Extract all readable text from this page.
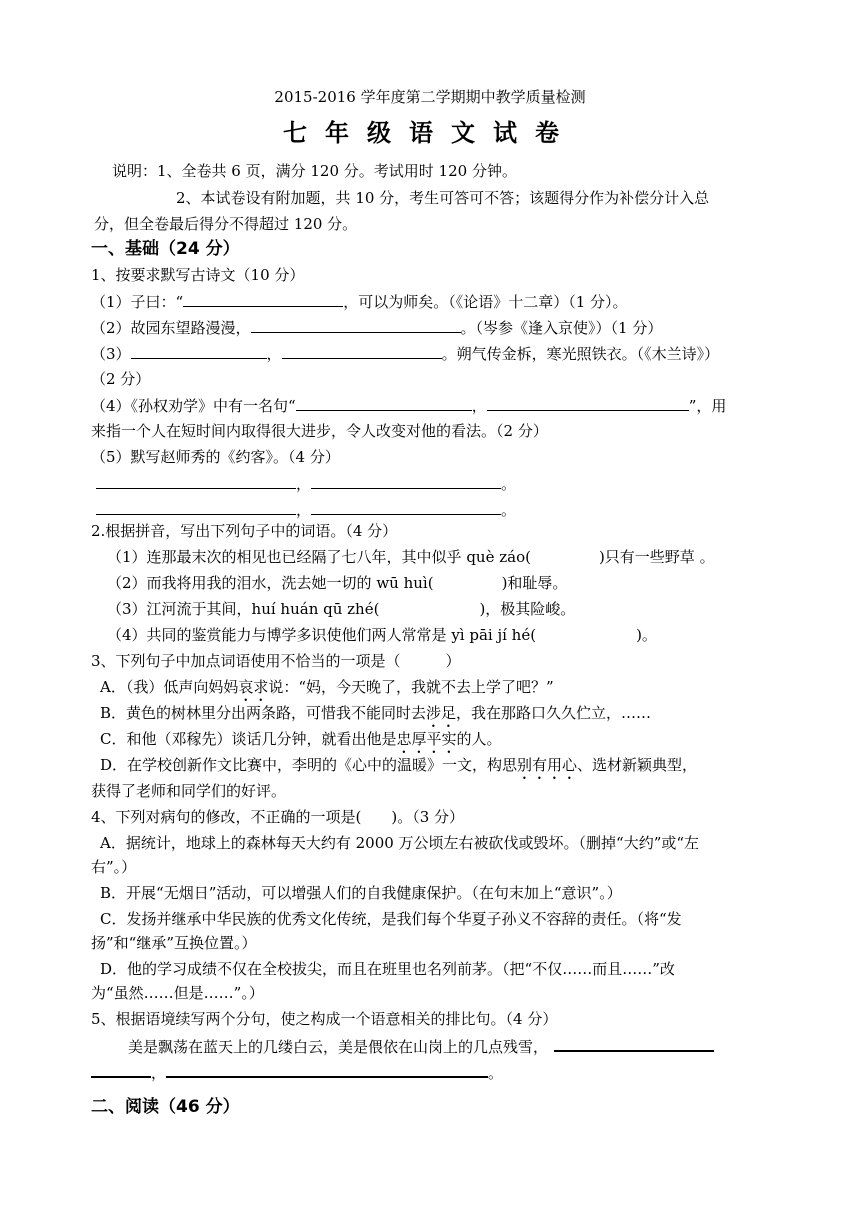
2015-2016 学年度第二学期期中教学质量检测
七年级语文试卷
说明：1、全卷共 6 页，满分 120 分。考试用时 120 分钟。
2、本试卷设有附加题，共 10 分，考生可答可不答；该题得分作为补偿分计入总
分，但全卷最后得分不得超过 120 分。
一、基础（24 分）
1、按要求默写古诗文（10 分）
（1）子曰：“	，可以为师矣。（《论语》十二章）（1 分）。
（2）故园东望路漫漫，	。（岑参《逢入京使》）（1 分）
（3）	，	。朔气传金柝，寒光照铁衣。（《木兰诗》）
（2 分）
（4）《孙权劝学》中有一名句“	，	”，用
来指一个人在短时间内取得很大进步，令人改变对他的看法。（2 分）
（5）默写赵师秀的《约客》。（4 分）
，	。
，	。
2.根据拼音，写出下列句子中的词语。（4 分）
（1）连那最末次的相见也已经隔了七八年，其中似乎 què záo(	)只有一些野草 。
（2）而我将用我的泪水，洗去她一切的 wū huì(	)和耻辱。
（3）江河流于其间，huí huán qū zhé(	)，极其险峻。
（4）共同的鉴赏能力与博学多识使他们两人常常是 yì pāi jí hé(	)。
3、下列句子中加点词语使用不恰当的一项是（　　　）
A．（我）低声向妈妈哀求说：“妈，今天晚了，我就不去上学了吧？”
B．黄色的树林里分出两条路，可惜我不能同时去涉足，我在那路口久久伫立，……
C．和他（邓稼先）谈话几分钟，就看出他是忠厚平实的人。
D．在学校创新作文比赛中，李明的《心中的温暖》一文，构思别有用心、选材新颖典型，
获得了老师和同学们的好评。
4、下列对病句的修改，不正确的一项是(　　)。（3 分）
A．据统计，地球上的森林每天大约有 2000 万公顷左右被砍伐或毁坏。（删掉“大约”或“左
右”。）
B．开展“无烟日”活动，可以增强人们的自我健康保护。（在句末加上“意识”。）
C．发扬并继承中华民族的优秀文化传统，是我们每个华夏子孙义不容辞的责任。（将“发
扬”和“继承”互换位置。）
D．他的学习成绩不仅在全校拔尖，而且在班里也名列前茅。（把“不仅……而且……”改
为“虽然……但是……”。）
5、根据语境续写两个分句，使之构成一个语意相关的排比句。（4 分）
美是飘荡在蓝天上的几缕白云，美是偎依在山岗上的几点残雪，
，	。
二、阅读（46 分）
